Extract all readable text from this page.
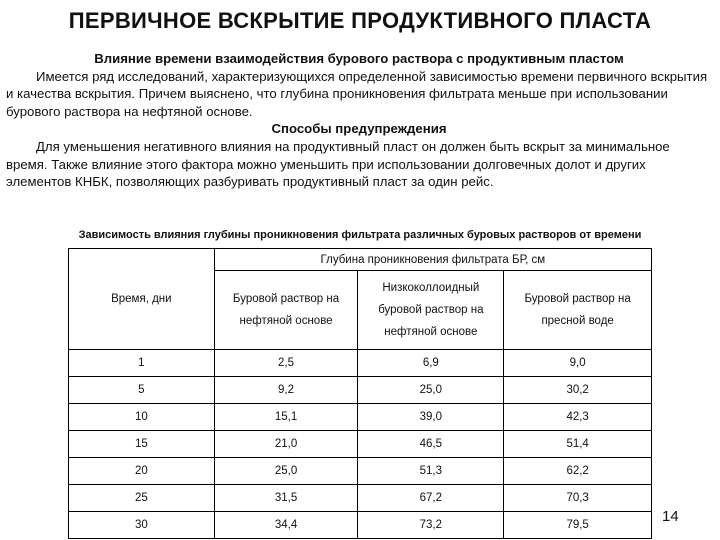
ПЕРВИЧНОЕ ВСКРЫТИЕ ПРОДУКТИВНОГО ПЛАСТА
Влияние времени взаимодействия бурового раствора с продуктивным пластом

Имеется ряд исследований, характеризующихся определенной зависимостью времени первичного вскрытия и качества вскрытия. Причем выяснено, что глубина проникновения фильтрата меньше при использовании бурового раствора на нефтяной основе.

Способы предупреждения

Для уменьшения негативного влияния на продуктивный пласт он должен быть вскрыт за минимальное время. Также влияние этого фактора можно уменьшить при использовании долговечных долот и других элементов КНБК, позволяющих разбуривать продуктивный пласт за один рейс.

Зависимость влияния глубины проникновения фильтрата различных буровых растворов от времени
Время, дни	Глубина проникновения фильтрата БР, см		
	Буровой раствор на нефтяной основе	Низкоколлоидный буровой раствор на нефтяной основе	Буровой раствор на пресной воде
1	2,5	6,9	9,0
5	9,2	25,0	30,2
10	15,1	39,0	42,3
15	21,0	46,5	51,4
20	25,0	51,3	62,2
25	31,5	67,2	70,3
30	34,4	73,2	79,5	14
